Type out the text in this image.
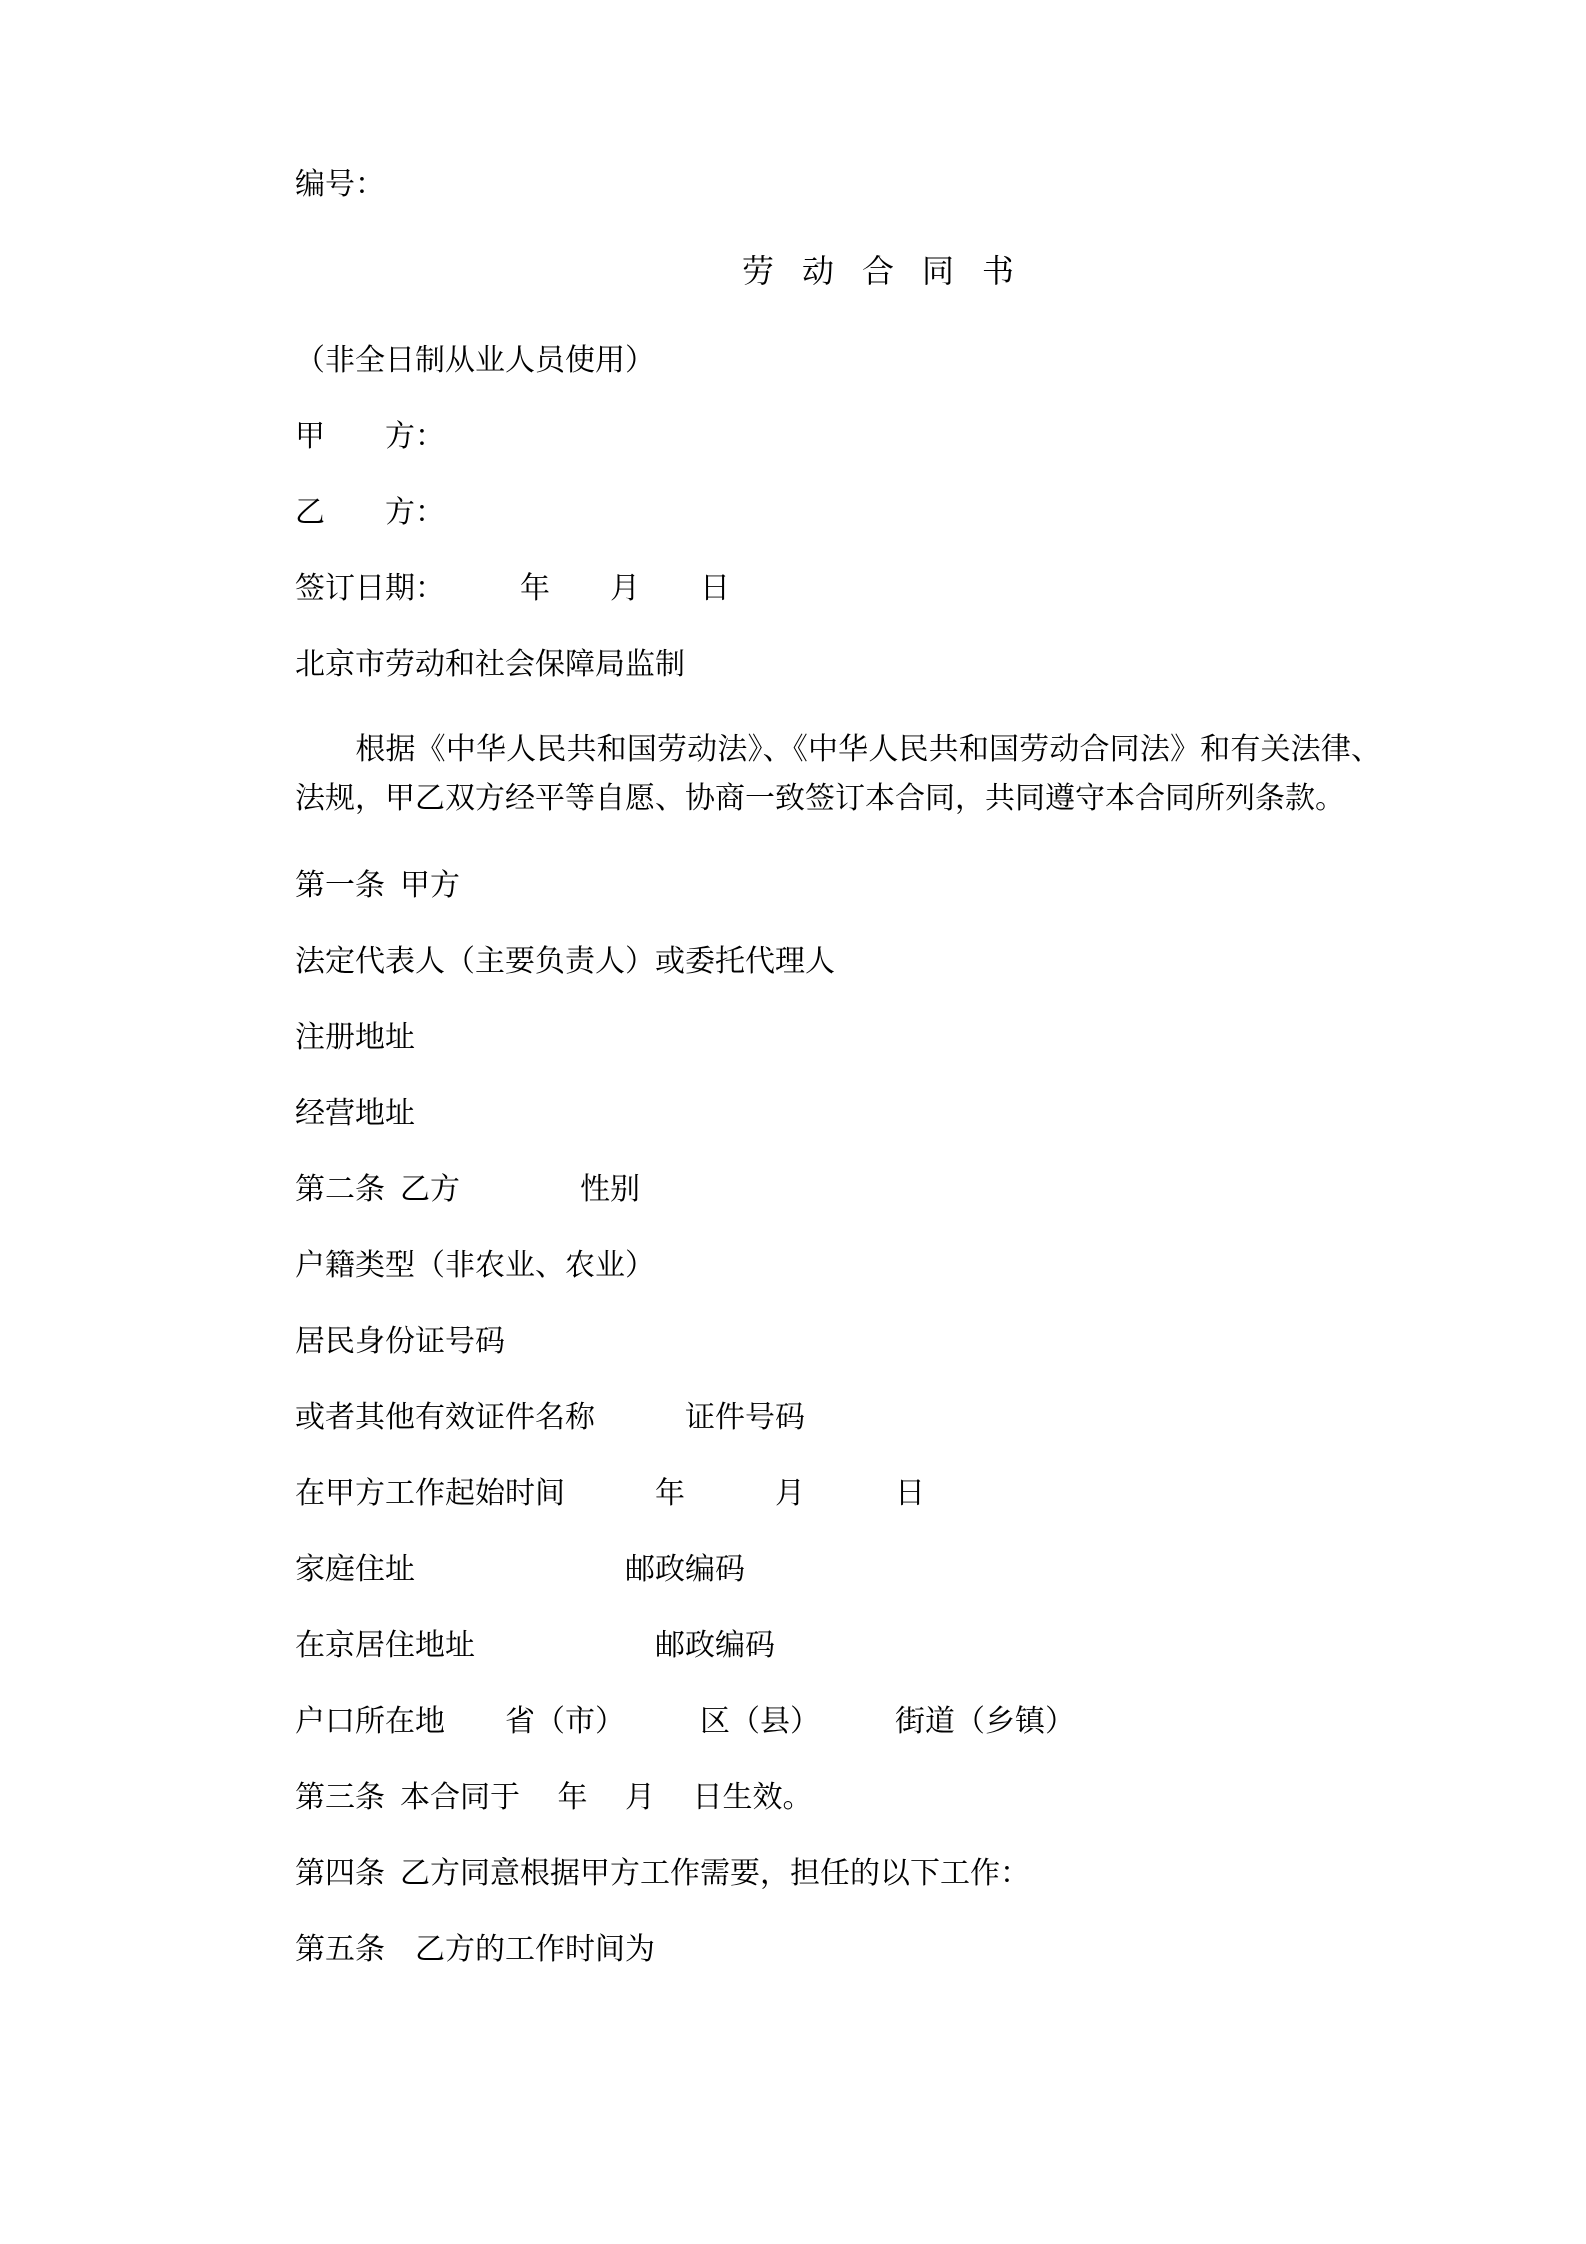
编号：
劳 动 合 同 书
（非全日制从业人员使用）
甲　　方：
乙　　方：
签订日期：　　　年　　月　　日
北京市劳动和社会保障局监制
　　根据《中华人民共和国劳动法》、《中华人民共和国劳动合同法》和有关法律、法规，甲乙双方经平等自愿、协商一致签订本合同，共同遵守本合同所列条款。
第一条  甲方
法定代表人（主要负责人）或委托代理人
注册地址
经营地址
第二条  乙方　　　　性别
户籍类型（非农业、农业）
居民身份证号码
或者其他有效证件名称　　　证件号码
在甲方工作起始时间　　　年　　　月　　　日
家庭住址　　　　　　　邮政编码
在京居住地址　　　　　　邮政编码
户口所在地　　省（市）　　　区（县）　　　街道（乡镇）
第三条  本合同于　 年　 月　 日生效。
第四条  乙方同意根据甲方工作需要，担任的以下工作：
第五条　乙方的工作时间为
